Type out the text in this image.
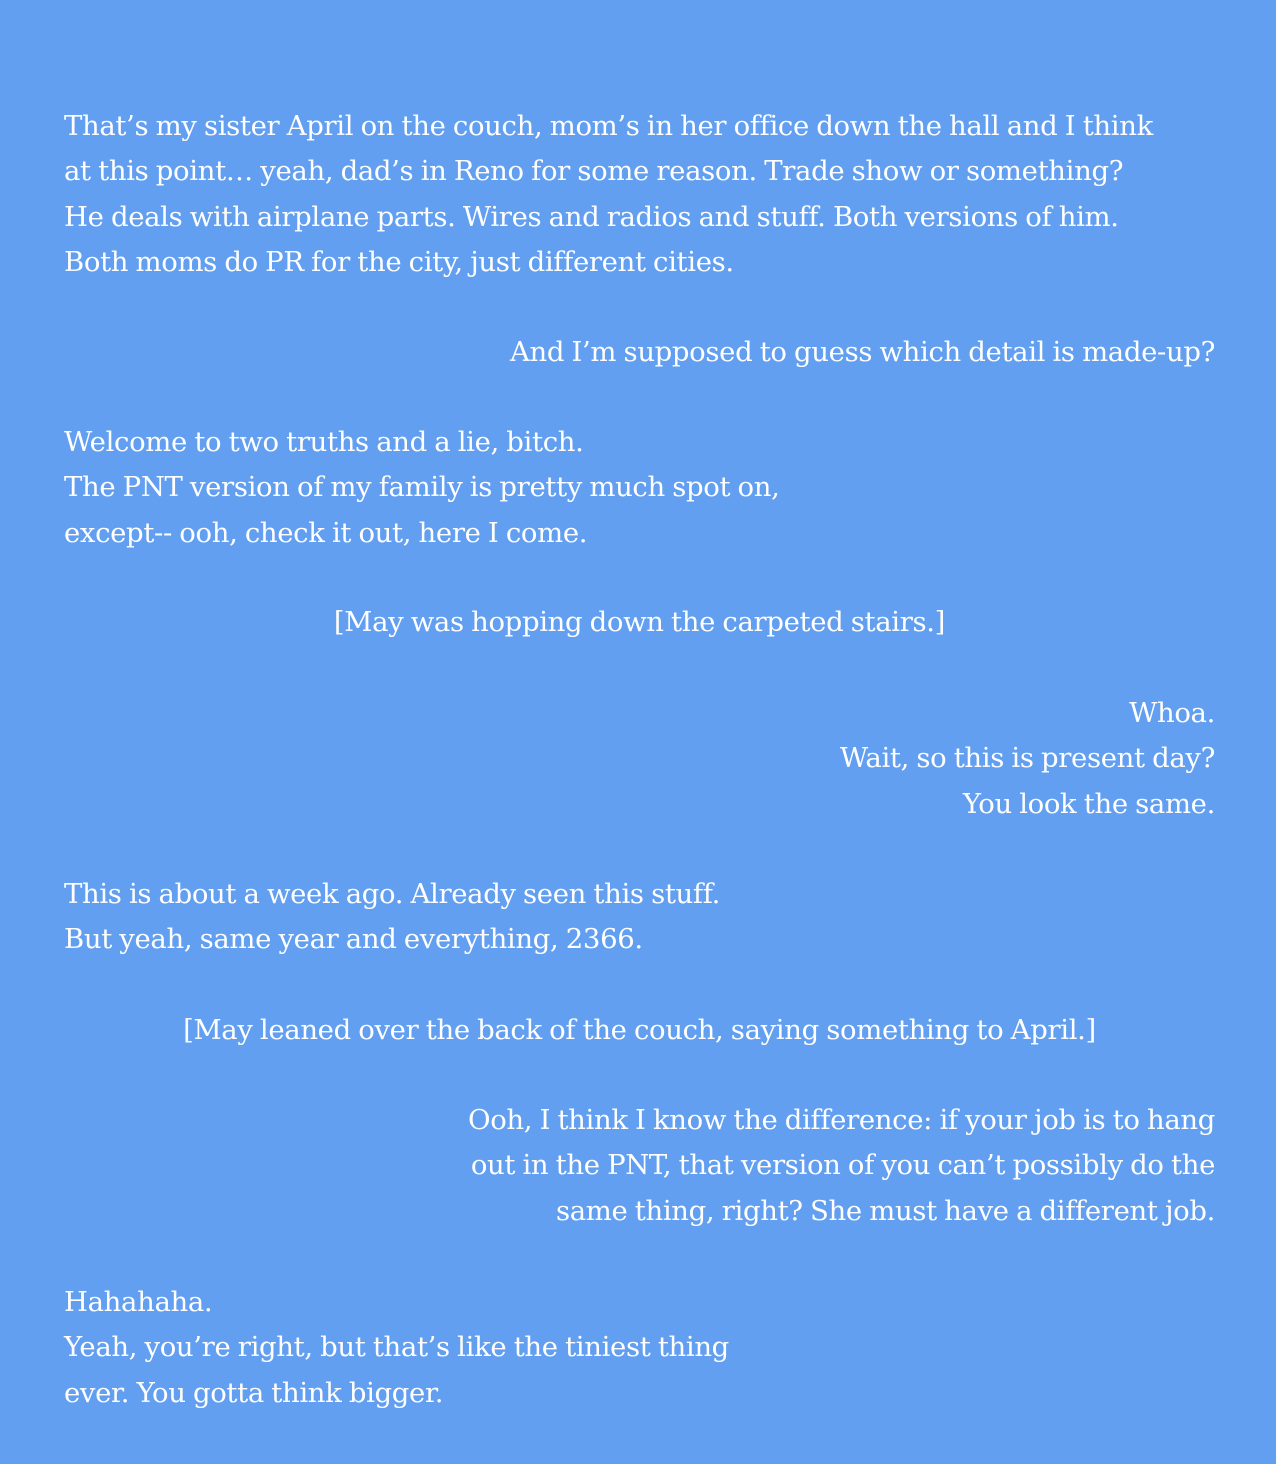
That’s my sister April on the couch, mom’s in her office down the hall and I think
at this point… yeah, dad’s in Reno for some reason. Trade show or something?
He deals with airplane parts. Wires and radios and stuff. Both versions of him.
Both moms do PR for the city, just different cities.

And I’m supposed to guess which detail is made-up?

Welcome to two truths and a lie, bitch.
The PNT version of my family is pretty much spot on,
except-- ooh, check it out, here I come.

[May was hopping down the carpeted stairs.]

Whoa.
Wait, so this is present day?
You look the same.

This is about a week ago. Already seen this stuff.
But yeah, same year and everything, 2366.

[May leaned over the back of the couch, saying something to April.]

Ooh, I think I know the difference: if your job is to hang
out in the PNT, that version of you can’t possibly do the
same thing, right? She must have a different job.

Hahahaha.
Yeah, you’re right, but that’s like the tiniest thing
ever. You gotta think bigger.
